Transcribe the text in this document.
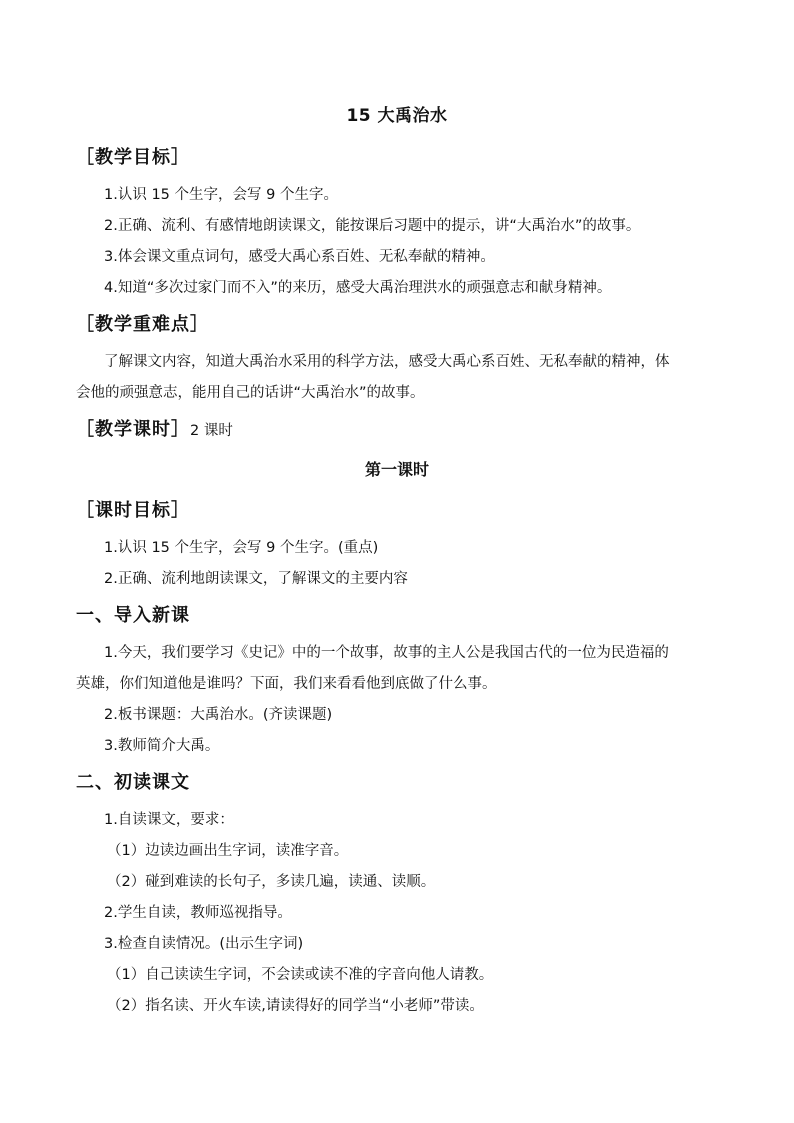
15 大禹治水
［教学目标］
1.认识 15 个生字，会写 9 个生字。
2.正确、流利、有感情地朗读课文，能按课后习题中的提示，讲“大禹治水”的故事。
3.体会课文重点词句，感受大禹心系百姓、无私奉献的精神。
4.知道“多次过家门而不入”的来历，感受大禹治理洪水的顽强意志和献身精神。
［教学重难点］
了解课文内容，知道大禹治水采用的科学方法，感受大禹心系百姓、无私奉献的精神，体
会他的顽强意志，能用自己的话讲“大禹治水”的故事。
［教学课时］2 课时
第一课时
［课时目标］
1.认识 15 个生字，会写 9 个生字。(重点)
2.正确、流利地朗读课文，了解课文的主要内容
一、导入新课
1.今天，我们要学习《史记》中的一个故事，故事的主人公是我国古代的一位为民造福的
英雄，你们知道他是谁吗？下面，我们来看看他到底做了什么事。
2.板书课题：大禹治水。(齐读课题)
3.教师简介大禹。
二、初读课文
1.自读课文，要求：
（1）边读边画出生字词，读准字音。
（2）碰到难读的长句子，多读几遍，读通、读顺。
2.学生自读，教师巡视指导。
3.检查自读情况。(出示生字词)
（1）自己读读生字词，不会读或读不准的字音向他人请教。
（2）指名读、开火车读,请读得好的同学当“小老师”带读。
